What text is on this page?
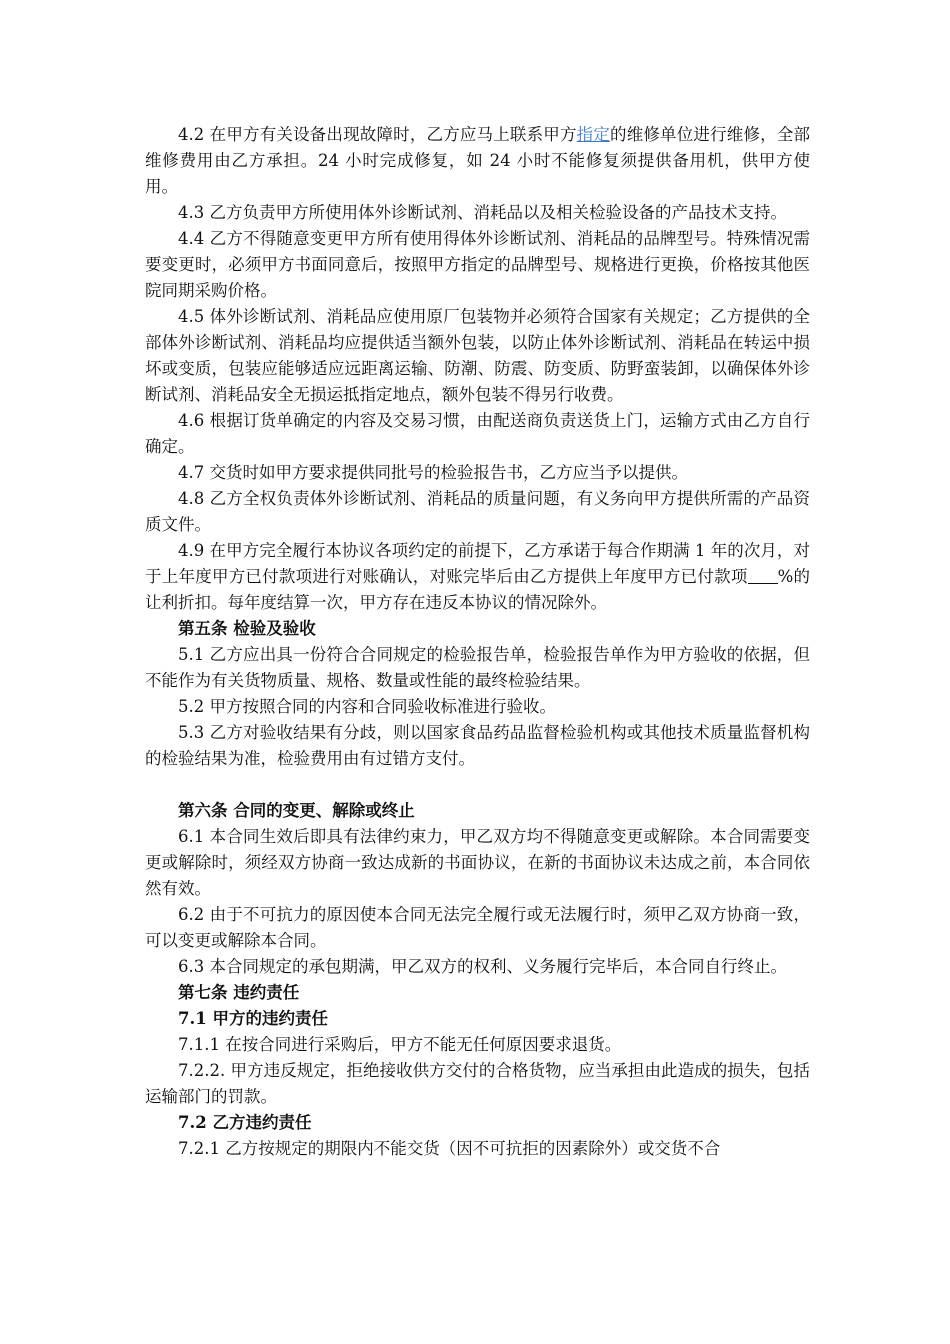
4.2 在甲方有关设备出现故障时，乙方应马上联系甲方指定的维修单位进行维修，全部维修费用由乙方承担。24 小时完成修复，如 24 小时不能修复须提供备用机，供甲方使用。

4.3 乙方负责甲方所使用体外诊断试剂、消耗品以及相关检验设备的产品技术支持。

4.4 乙方不得随意变更甲方所有使用得体外诊断试剂、消耗品的品牌型号。特殊情况需要变更时，必须甲方书面同意后，按照甲方指定的品牌型号、规格进行更换，价格按其他医院同期采购价格。

4.5 体外诊断试剂、消耗品应使用原厂包装物并必须符合国家有关规定；乙方提供的全部体外诊断试剂、消耗品均应提供适当额外包装，以防止体外诊断试剂、消耗品在转运中损坏或变质，包装应能够适应远距离运输、防潮、防震、防变质、防野蛮装卸，以确保体外诊断试剂、消耗品安全无损运抵指定地点，额外包装不得另行收费。

4.6 根据订货单确定的内容及交易习惯，由配送商负责送货上门，运输方式由乙方自行确定。

4.7 交货时如甲方要求提供同批号的检验报告书，乙方应当予以提供。

4.8 乙方全权负责体外诊断试剂、消耗品的质量问题，有义务向甲方提供所需的产品资质文件。

4.9 在甲方完全履行本协议各项约定的前提下，乙方承诺于每合作期满 1 年的次月，对于上年度甲方已付款项进行对账确认，对账完毕后由乙方提供上年度甲方已付款项 %的让利折扣。每年度结算一次，甲方存在违反本协议的情况除外。

第五条 检验及验收

5.1 乙方应出具一份符合合同规定的检验报告单，检验报告单作为甲方验收的依据，但不能作为有关货物质量、规格、数量或性能的最终检验结果。

5.2 甲方按照合同的内容和合同验收标准进行验收。

5.3 乙方对验收结果有分歧，则以国家食品药品监督检验机构或其他技术质量监督机构的检验结果为准，检验费用由有过错方支付。

第六条 合同的变更、解除或终止

6.1 本合同生效后即具有法律约束力，甲乙双方均不得随意变更或解除。本合同需要变更或解除时，须经双方协商一致达成新的书面协议，在新的书面协议未达成之前，本合同依然有效。

6.2 由于不可抗力的原因使本合同无法完全履行或无法履行时，须甲乙双方协商一致，可以变更或解除本合同。

6.3 本合同规定的承包期满，甲乙双方的权利、义务履行完毕后，本合同自行终止。

第七条 违约责任

7.1 甲方的违约责任

7.1.1 在按合同进行采购后，甲方不能无任何原因要求退货。

7.2.2. 甲方违反规定，拒绝接收供方交付的合格货物，应当承担由此造成的损失，包括运输部门的罚款。

7.2 乙方违约责任

7.2.1 乙方按规定的期限内不能交货（因不可抗拒的因素除外）或交货不合
